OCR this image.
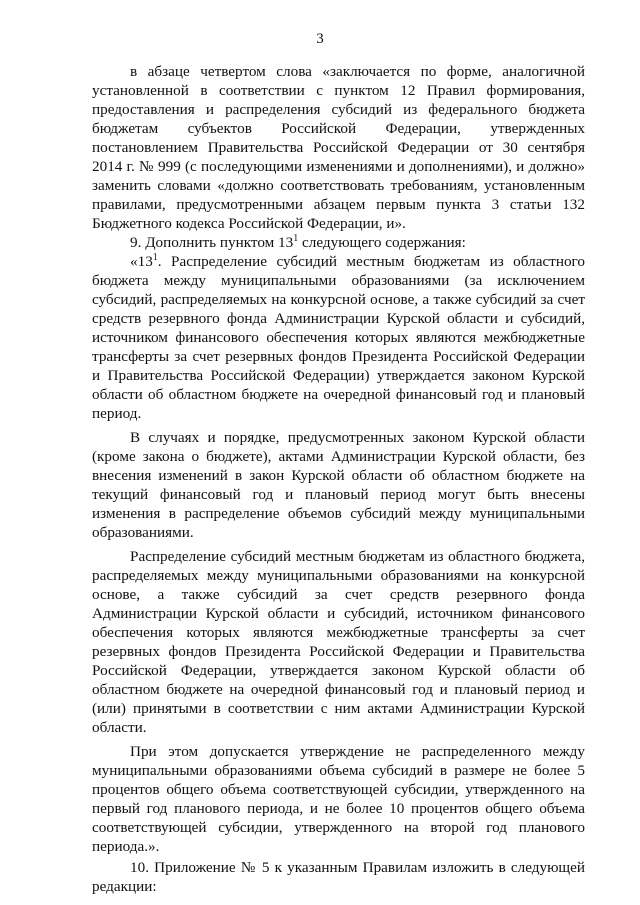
3
в абзаце четвертом слова «заключается по форме, аналогичной
установленной в соответствии с пунктом 12 Правил формирования,
предоставления и распределения субсидий из федерального бюджета
бюджетам субъектов Российской Федерации, утвержденных
постановлением Правительства Российской Федерации от 30 сентября
2014 г. № 999 (с последующими изменениями и дополнениями), и должно»
заменить словами «должно соответствовать требованиям, установленным
правилами, предусмотренными абзацем первым пункта 3 статьи 132
Бюджетного кодекса Российской Федерации, и».
9. Дополнить пунктом $13^1$ следующего содержания:
«$13^1$. Распределение субсидий местным бюджетам из областного
бюджета между муниципальными образованиями (за исключением
субсидий, распределяемых на конкурсной основе, а также субсидий за счет
средств резервного фонда Администрации Курской области и субсидий,
источником финансового обеспечения которых являются межбюджетные
трансферты за счет резервных фондов Президента Российской Федерации
и Правительства Российской Федерации) утверждается законом Курской
области об областном бюджете на очередной финансовый год и плановый
период.
В случаях и порядке, предусмотренных законом Курской области
(кроме закона о бюджете), актами Администрации Курской области, без
внесения изменений в закон Курской области об областном бюджете на
текущий финансовый год и плановый период могут быть внесены
изменения в распределение объемов субсидий между муниципальными
образованиями.
Распределение субсидий местным бюджетам из областного бюджета,
распределяемых между муниципальными образованиями на конкурсной
основе, а также субсидий за счет средств резервного фонда
Администрации Курской области и субсидий, источником финансового
обеспечения которых являются межбюджетные трансферты за счет
резервных фондов Президента Российской Федерации и Правительства
Российской Федерации, утверждается законом Курской области об
областном бюджете на очередной финансовый год и плановый период и
(или) принятыми в соответствии с ним актами Администрации Курской
области.
При этом допускается утверждение не распределенного между
муниципальными образованиями объема субсидий в размере не более 5
процентов общего объема соответствующей субсидии, утвержденного на
первый год планового периода, и не более 10 процентов общего объема
соответствующей субсидии, утвержденного на второй год планового
периода.».
10. Приложение № 5 к указанным Правилам изложить в следующей
редакции:
